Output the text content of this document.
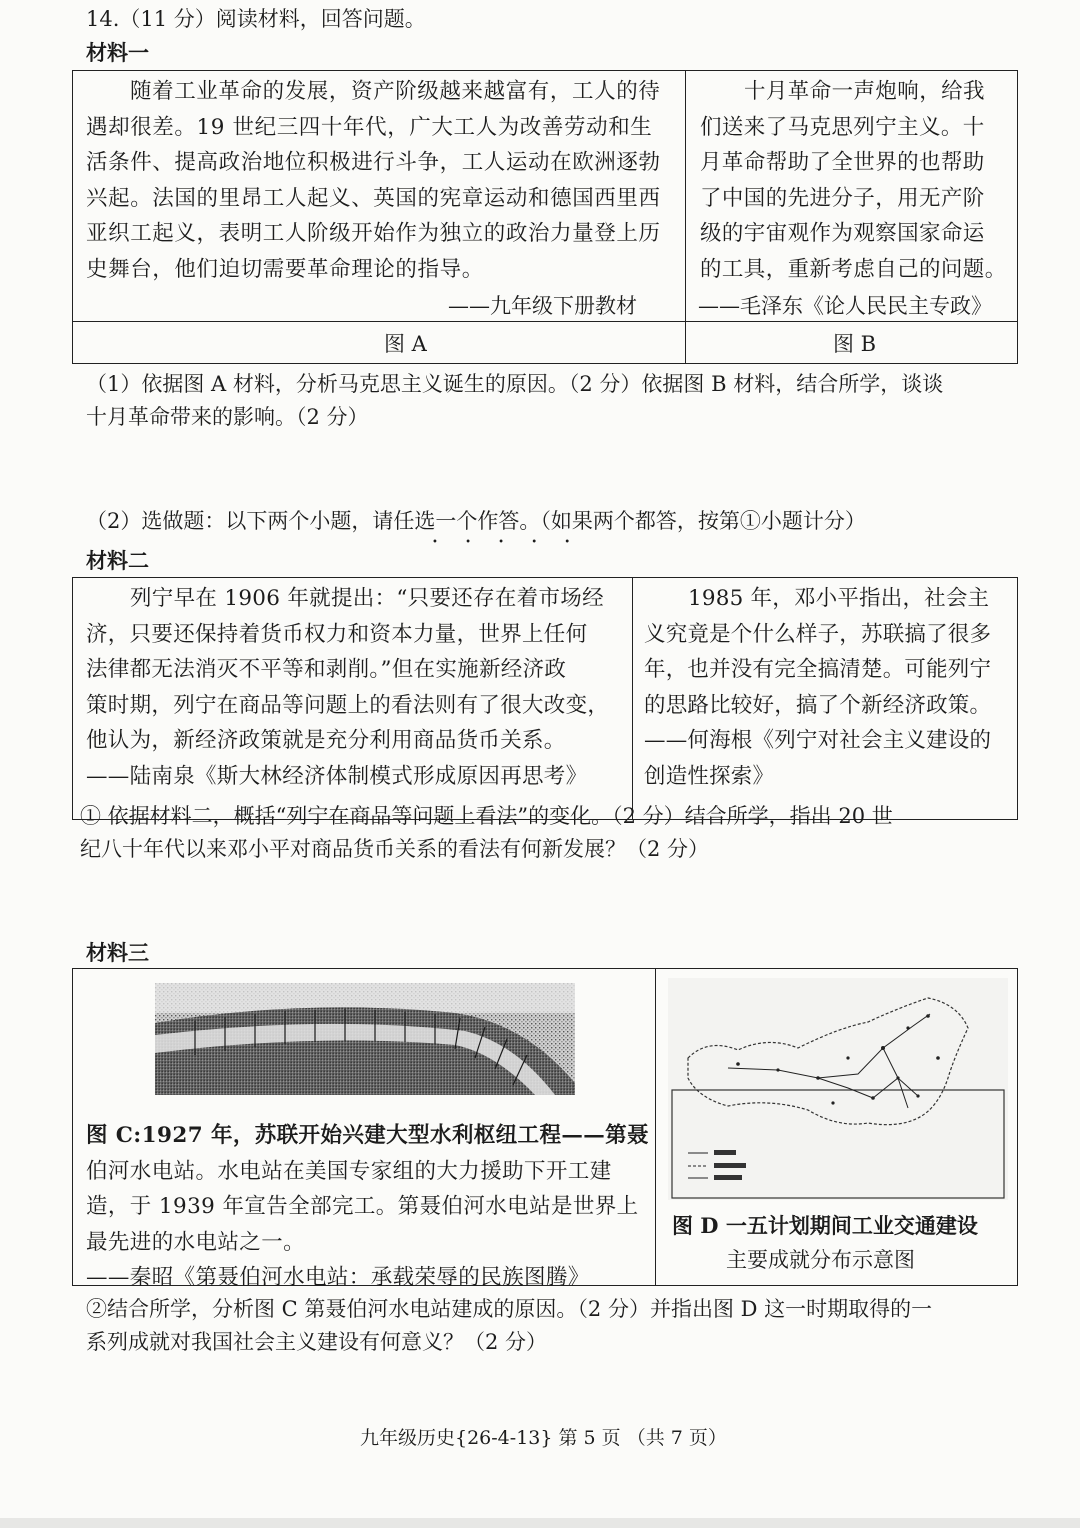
14.（11 分）阅读材料，回答问题。
材料一
随着工业革命的发展，资产阶级越来越富有，工人的待
遇却很差。19 世纪三四十年代，广大工人为改善劳动和生
活条件、提高政治地位积极进行斗争，工人运动在欧洲逐勃
兴起。法国的里昂工人起义、英国的宪章运动和德国西里西
亚织工起义，表明工人阶级开始作为独立的政治力量登上历
史舞台，他们迫切需要革命理论的指导。
——九年级下册教材
十月革命一声炮响，给我
们送来了马克思列宁主义。十
月革命帮助了全世界的也帮助
了中国的先进分子，用无产阶
级的宇宙观作为观察国家命运
的工具，重新考虑自己的问题。
——毛泽东《论人民民主专政》
图 A	图 B
（1）依据图 A 材料，分析马克思主义诞生的原因。（2 分）依据图 B 材料，结合所学，谈谈
十月革命带来的影响。（2 分）
（2）选做题：以下两个小题，请任选一个作答。（如果两个都答，按第①小题计分）
• • • • •
材料二
列宁早在 1906 年就提出：“只要还存在着市场经
济，只要还保持着货币权力和资本力量，世界上任何
法律都无法消灭不平等和剥削。”但在实施新经济政
策时期，列宁在商品等问题上的看法则有了很大改变，
他认为，新经济政策就是充分利用商品货币关系。
——陆南泉《斯大林经济体制模式形成原因再思考》
1985 年，邓小平指出，社会主
义究竟是个什么样子，苏联搞了很多
年，也并没有完全搞清楚。可能列宁
的思路比较好，搞了个新经济政策。
——何海根《列宁对社会主义建设的
创造性探索》
① 依据材料二，概括“列宁在商品等问题上看法”的变化。（2 分）结合所学，指出 20 世
纪八十年代以来邓小平对商品货币关系的看法有何新发展？（2 分）
材料三
图 C:1927 年，苏联开始兴建大型水利枢纽工程——第聂
伯河水电站。水电站在美国专家组的大力援助下开工建
造，于 1939 年宣告全部完工。第聂伯河水电站是世界上
最先进的水电站之一。
——秦昭《第聂伯河水电站：承载荣辱的民族图腾》
图 D 一五计划期间工业交通建设
主要成就分布示意图
②结合所学，分析图 C 第聂伯河水电站建成的原因。（2 分）并指出图 D 这一时期取得的一
系列成就对我国社会主义建设有何意义？（2 分）
九年级历史{26-4-13} 第 5 页 （共 7 页）
